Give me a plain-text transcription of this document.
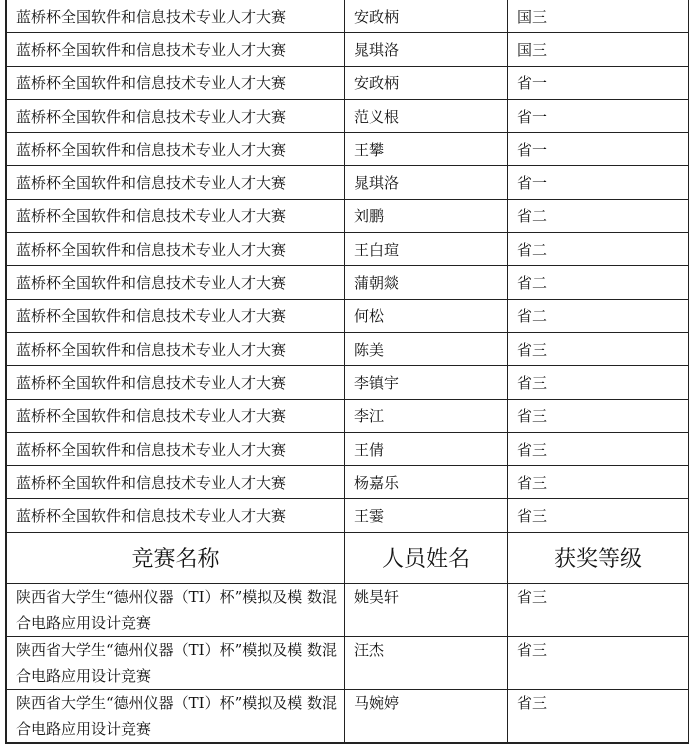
蓝桥杯全国软件和信息技术专业人才大赛	安政柄	国三
蓝桥杯全国软件和信息技术专业人才大赛	晁琪洛	国三
蓝桥杯全国软件和信息技术专业人才大赛	安政柄	省一
蓝桥杯全国软件和信息技术专业人才大赛	范义根	省一
蓝桥杯全国软件和信息技术专业人才大赛	王攀	省一
蓝桥杯全国软件和信息技术专业人才大赛	晁琪洛	省一
蓝桥杯全国软件和信息技术专业人才大赛	刘鹏	省二
蓝桥杯全国软件和信息技术专业人才大赛	王白瑄	省二
蓝桥杯全国软件和信息技术专业人才大赛	蒲朝燚	省二
蓝桥杯全国软件和信息技术专业人才大赛	何松	省二
蓝桥杯全国软件和信息技术专业人才大赛	陈美	省三
蓝桥杯全国软件和信息技术专业人才大赛	李镇宇	省三
蓝桥杯全国软件和信息技术专业人才大赛	李江	省三
蓝桥杯全国软件和信息技术专业人才大赛	王倩	省三
蓝桥杯全国软件和信息技术专业人才大赛	杨嘉乐	省三
蓝桥杯全国软件和信息技术专业人才大赛	王霎	省三
竞赛名称	人员姓名	获奖等级
陕西省大学生“德州仪器（TI）杯”模拟及模 数混合电路应用设计竞赛	姚昊轩	省三
陕西省大学生“德州仪器（TI）杯”模拟及模 数混合电路应用设计竞赛	汪杰	省三
陕西省大学生“德州仪器（TI）杯”模拟及模 数混合电路应用设计竞赛	马婉婷	省三
